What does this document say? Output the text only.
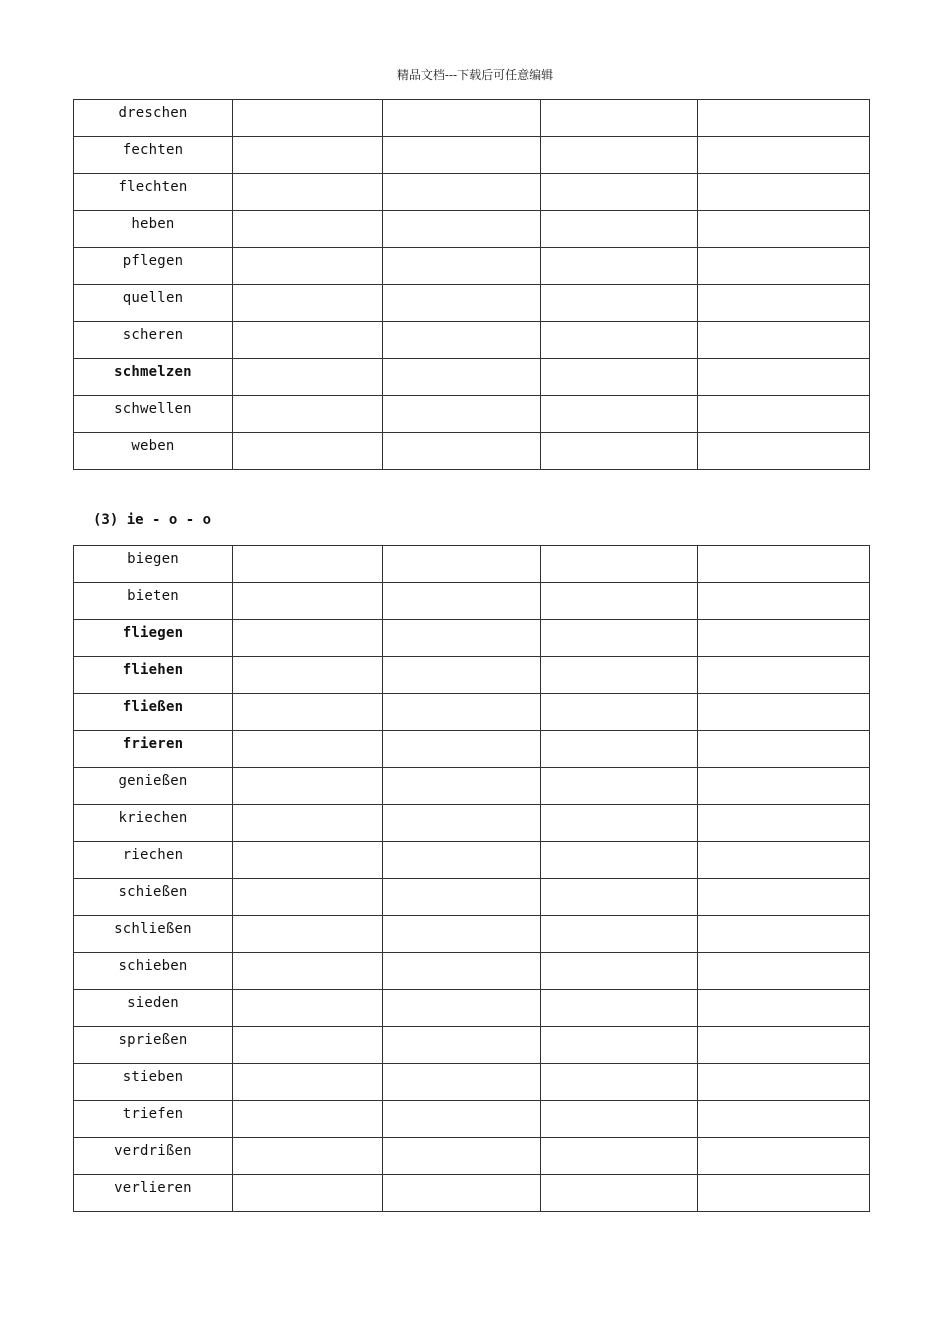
精品文档---下载后可任意编辑
dreschen				
fechten				
flechten				
heben				
pflegen				
quellen				
scheren				
schmelzen				
schwellen				
weben				
(3) ie - o - o
biegen				
bieten				
fliegen				
fliehen				
fließen				
frieren				
genießen				
kriechen				
riechen				
schießen				
schließen				
schieben				
sieden				
sprießen				
stieben				
triefen				
verdrißen				
verlieren				
